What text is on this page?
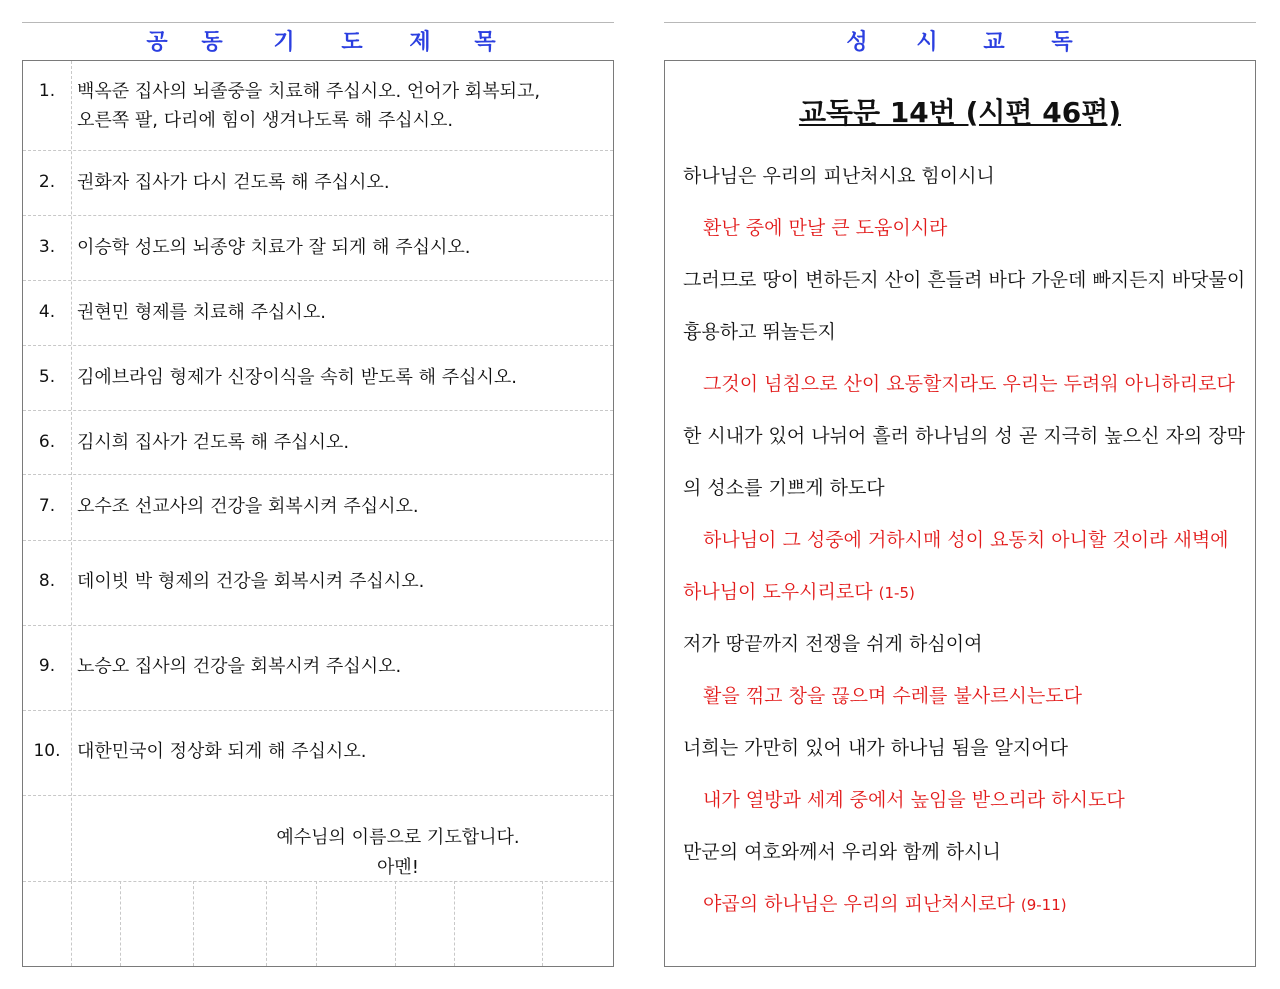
공 동 기 도 제 목
1.	백옥준 집사의 뇌졸중을 치료해 주십시오. 언어가 회복되고,
오른쪽 팔, 다리에 힘이 생겨나도록 해 주십시오.
2.	권화자 집사가 다시 걷도록 해 주십시오.
3.	이승학 성도의 뇌종양 치료가 잘 되게 해 주십시오.
4.	권현민 형제를 치료해 주십시오.
5.	김에브라임 형제가 신장이식을 속히 받도록 해 주십시오.
6.	김시희 집사가 걷도록 해 주십시오.
7.	오수조 선교사의 건강을 회복시켜 주십시오.
8.	데이빗 박 형제의 건강을 회복시켜 주십시오.
9.	노승오 집사의 건강을 회복시켜 주십시오.
10. 대한민국이 정상화 되게 해 주십시오.
예수님의 이름으로 기도합니다.
아멘!
성 시 교 독
교독문 14번 (시편 46편)
하나님은 우리의 피난처시요 힘이시니
환난 중에 만날 큰 도움이시라
그러므로 땅이 변하든지 산이 흔들려 바다 가운데 빠지든지 바닷물이
흉용하고 뛰놀든지
그것이 넘침으로 산이 요동할지라도 우리는 두려워 아니하리로다
한 시내가 있어 나뉘어 흘러 하나님의 성 곧 지극히 높으신 자의 장막
의 성소를 기쁘게 하도다
하나님이 그 성중에 거하시매 성이 요동치 아니할 것이라 새벽에
하나님이 도우시리로다 (1-5)
저가 땅끝까지 전쟁을 쉬게 하심이여
활을 꺾고 창을 끊으며 수레를 불사르시는도다
너희는 가만히 있어 내가 하나님 됨을 알지어다
내가 열방과 세계 중에서 높임을 받으리라 하시도다
만군의 여호와께서 우리와 함께 하시니
야곱의 하나님은 우리의 피난처시로다 (9-11)
